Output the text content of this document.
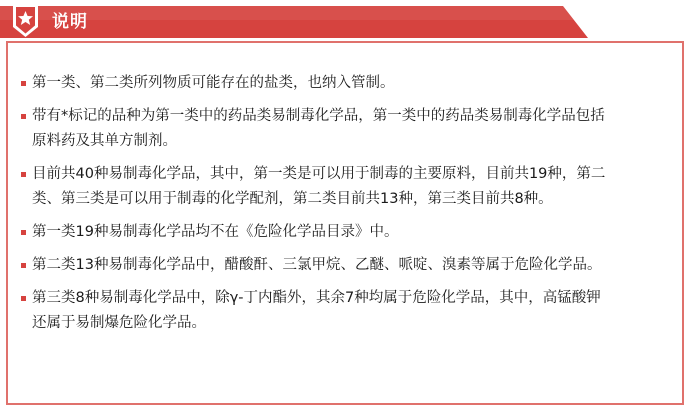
说明
第一类、第二类所列物质可能存在的盐类，也纳入管制。
带有*标记的品种为第一类中的药品类易制毒化学品，第一类中的药品类易制毒化学品包括原料药及其单方制剂。
目前共40种易制毒化学品，其中，第一类是可以用于制毒的主要原料，目前共19种，第二类、第三类是可以用于制毒的化学配剂，第二类目前共13种，第三类目前共8种。
第一类19种易制毒化学品均不在《危险化学品目录》中。
第二类13种易制毒化学品中，醋酸酐、三氯甲烷、乙醚、哌啶、溴素等属于危险化学品。
第三类8种易制毒化学品中，除γ-丁内酯外，其余7种均属于危险化学品，其中，高锰酸钾还属于易制爆危险化学品。
